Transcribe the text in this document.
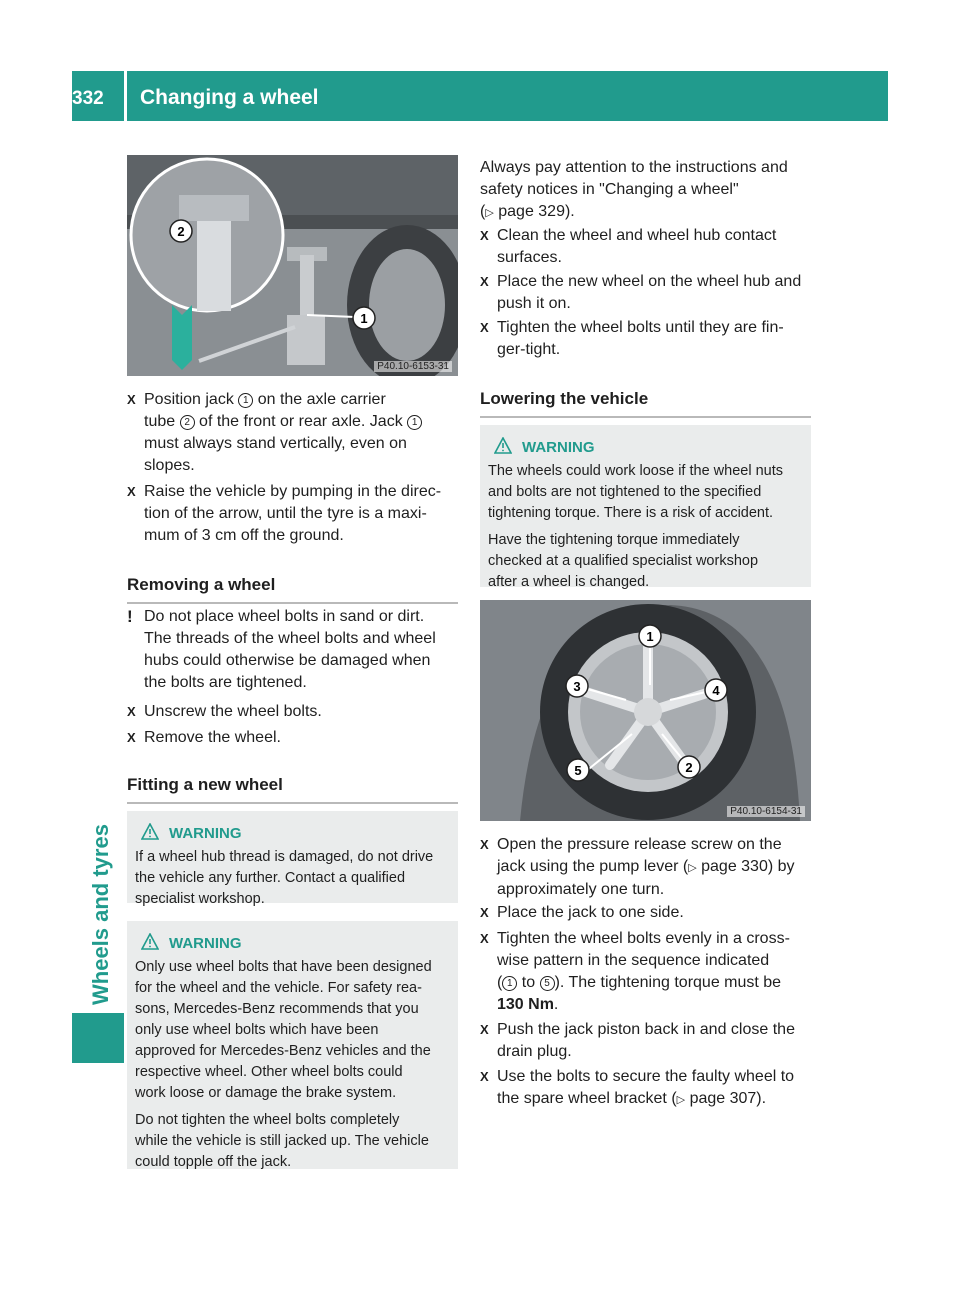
332	Changing a wheel
Wheels and tyres
1
2
P40.10-6153-31
X Position jack 1 on the axle carrier
tube 2 of the front or rear axle. Jack 1
must always stand vertically, even on
slopes.
X Raise the vehicle by pumping in the direc-
tion of the arrow, until the tyre is a maxi-
mum of 3 cm off the ground.
Removing a wheel
! Do not place wheel bolts in sand or dirt.
The threads of the wheel bolts and wheel
hubs could otherwise be damaged when
the bolts are tightened.
X Unscrew the wheel bolts.
X Remove the wheel.
Fitting a new wheel
WARNING

If a wheel hub thread is damaged, do not drive
the vehicle any further. Contact a qualified
specialist workshop.

WARNING

Only use wheel bolts that have been designed
for the wheel and the vehicle. For safety rea-
sons, Mercedes-Benz recommends that you
only use wheel bolts which have been
approved for Mercedes-Benz vehicles and the
respective wheel. Other wheel bolts could
work loose or damage the brake system.

Do not tighten the wheel bolts completely
while the vehicle is still jacked up. The vehicle
could topple off the jack.

Always pay attention to the instructions and
safety notices in "Changing a wheel"
(▷ page 329).
X Clean the wheel and wheel hub contact
surfaces.
X Place the new wheel on the wheel hub and
push it on.
X Tighten the wheel bolts until they are fin-
ger-tight.
Lowering the vehicle
WARNING

The wheels could work loose if the wheel nuts
and bolts are not tightened to the specified
tightening torque. There is a risk of accident.

Have the tightening torque immediately
checked at a qualified specialist workshop
after a wheel is changed.

1
4
2
5
3
P40.10-6154-31
X Open the pressure release screw on the
jack using the pump lever (▷ page 330) by
approximately one turn.
X Place the jack to one side.
X Tighten the wheel bolts evenly in a cross-
wise pattern in the sequence indicated
( 1 to 5 ). The tightening torque must be
130 Nm.
X Push the jack piston back in and close the
drain plug.
X Use the bolts to secure the faulty wheel to
the spare wheel bracket (▷ page 307).
